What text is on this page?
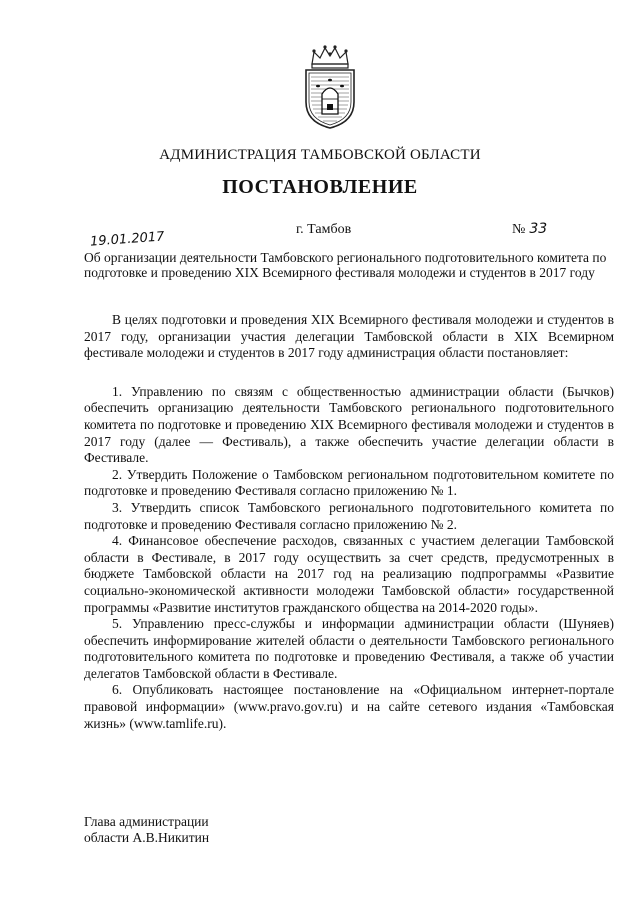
АДМИНИСТРАЦИЯ ТАМБОВСКОЙ ОБЛАСТИ
ПОСТАНОВЛЕНИЕ
19.01.2017	г. Тамбов	№ 33
Об организации деятельности Тамбовского регионального подготовительного комитета по подготовке и проведению XIX Всемирного фестиваля молодежи и студентов в 2017 году

В целях подготовки и проведения XIX Всемирного фестиваля молодежи и студентов в 2017 году, организации участия делегации Тамбовской области в XIX Всемирном фестивале молодежи и студентов в 2017 году администрация области постановляет:

1. Управлению по связям с общественностью администрации области (Бычков) обеспечить организацию деятельности Тамбовского регионального подготовительного комитета по подготовке и проведению XIX Всемирного фестиваля молодежи и студентов в 2017 году (далее — Фестиваль), а также обеспечить участие делегации области в Фестивале.

2. Утвердить Положение о Тамбовском региональном подготовительном комитете по подготовке и проведению Фестиваля согласно приложению № 1.

3. Утвердить список Тамбовского регионального подготовительного комитета по подготовке и проведению Фестиваля согласно приложению № 2.

4. Финансовое обеспечение расходов, связанных с участием делегации Тамбовской области в Фестивале, в 2017 году осуществить за счет средств, предусмотренных в бюджете Тамбовской области на 2017 год на реализацию подпрограммы «Развитие социально-экономической активности молодежи Тамбовской области» государственной программы «Развитие институтов гражданского общества на 2014-2020 годы».

5. Управлению пресс-службы и информации администрации области (Шуняев) обеспечить информирование жителей области о деятельности Тамбовского регионального подготовительного комитета по подготовке и проведению Фестиваля, а также об участии делегатов Тамбовской области в Фестивале.

6. Опубликовать настоящее постановление на «Официальном интернет-портале правовой информации» (www.pravo.gov.ru) и на сайте сетевого издания «Тамбовская жизнь» (www.tamlife.ru).

Глава администрации
области А.В.Никитин
